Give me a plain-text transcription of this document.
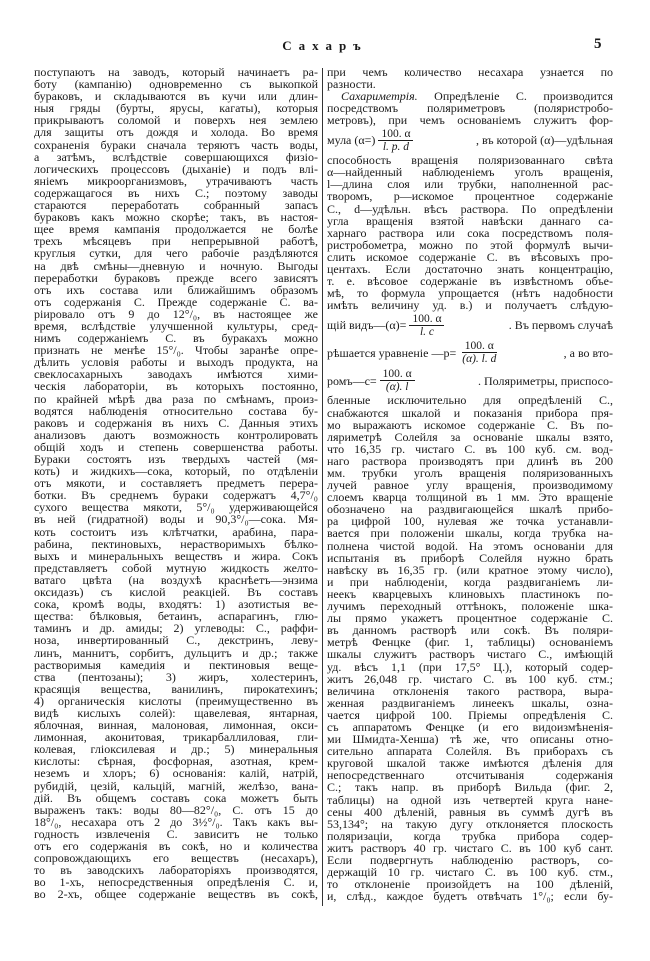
Сахаръ	5
поступаютъ на заводъ, который начинаетъ ра-
боту (кампанію) одновременно съ выкопкой
бураковъ, и складываются въ кучи или длин-
ныя гряды (бурты, ярусы, кагаты), которыя
прикрываютъ соломой и поверхъ нея землею
для защиты отъ дождя и холода. Во время
сохраненія бураки сначала теряютъ часть воды,
а затѣмъ, вслѣдствіе совершающихся физіо-
логическихъ процессовъ (дыханіе) и подъ влі-
яніемъ микроорганизмовъ, утрачиваютъ часть
содержащагося въ нихъ С.; поэтому заводы
стараются переработать собранный запасъ
бураковъ какъ можно скорѣе; такъ, въ настоя-
щее время кампанія продолжается не болѣе
трехъ мѣсяцевъ при непрерывной работѣ,
круглыя сутки, для чего рабочіе раздѣляются
на двѣ смѣны—дневную и ночную. Выгоды
переработки бураковъ прежде всего зависятъ
отъ ихъ состава или ближайшимъ образомъ
отъ содержанія С. Прежде содержаніе С. ва-
ріировало отъ 9 до 12°/₀, въ настоящее же
время, вслѣдствіе улучшенной культуры, сред-
нимъ содержаніемъ С. въ буракахъ можно
признать не менѣе 15°/₀. Чтобы заранѣе опре-
дѣлить условія работы и выходъ продукта, на
свеклосахарныхъ заводахъ имѣются хими-
ческія лабораторіи, въ которыхъ постоянно,
по крайней мѣрѣ два раза по смѣнамъ, произ-
водятся наблюденія относительно состава бу-
раковъ и содержанія въ нихъ С. Данныя этихъ
анализовъ даютъ возможность контролировать
общій ходъ и степень совершенства работы.
Бураки состоятъ изъ твердыхъ частей (мя-
коть) и жидкихъ—сока, который, по отдѣленіи
отъ мякоти, и составляетъ предметъ перера-
ботки. Въ среднемъ бураки содержатъ 4,7°/₀
сухого вещества мякоти, 5°/₀ удерживающейся
въ ней (гидратной) воды и 90,3°/₀—сока. Мя-
коть состоитъ изъ клѣтчатки, арабина, пара-
рабина, пектиновыхъ, нерастворимыхъ бѣлко-
выхъ и минеральныхъ веществъ и жира. Сокъ
представляетъ собой мутную жидкость желто-
ватаго цвѣта (на воздухѣ краснѣетъ—энзима
оксидазъ) съ кислой реакціей. Въ составъ
сока, кромѣ воды, входятъ: 1) азотистыя ве-
щества: бѣлковыя, бетаинъ, аспарагинъ, глю-
таминъ и др. амиды; 2) углеводы: С., раффи-
ноза, инвертированный С., декстринъ, леву-
линъ, маннитъ, сорбитъ, дульцитъ и др.; также
растворимыя камедиія и пектиновыя веще-
ства (пентозаны); 3) жиръ, холестеринъ,
красящія вещества, ванилинъ, пирокатехинъ;
4) органическія кислоты (преимущественно въ
видѣ кислыхъ солей): щавелевая, янтарная,
яблочная, винная, малоновая, лимонная, окси-
лимонная, аконитовая, трикарбаллиловая, гли-
колевая, гліоксилевая и др.; 5) минеральныя
кислоты: сѣрная, фосфорная, азотная, крем-
неземъ и хлоръ; 6) основанія: калій, натрій,
рубидій, цезій, кальцій, магній, желѣзо, вана-
дій. Въ общемъ составъ сока можетъ быть
выраженъ такъ: воды 80—82°/₀, С. отъ 15 до
18°/₀, несахара отъ 2 до 3½°/₀. Такъ какъ вы-
годность извлеченія С. зависитъ не только
отъ его содержанія въ сокѣ, но и количества
сопровождающихъ его веществъ (несахаръ),
то въ заводскихъ лабораторіяхъ производятся,
во 1-хъ, непосредственныя опредѣленія С. и,
во 2-хъ, общее содержаніе веществъ въ сокѣ,
при чемъ количество несахара узнается по
разности.
Сахариметрія. Опредѣленіе С. производится
посредствомъ поляриметровъ (поляристробо-
метровъ), при чемъ основаніемъ служитъ фор-
мула $(\alpha=) \frac{100. \alpha}{l. p. d}$	, въ которой (α)—удѣльная
способность вращенія поляризованнаго свѣта
α—найденный наблюденіемъ уголъ вращенія,
l—длина слоя или трубки, наполненной рас-
творомъ, p—искомое процентное содержаніе
С., d—удѣльн. вѣсъ раствора. По опредѣленіи
угла вращенія взятой навѣски даннаго са-
харнаго раствора или сока посредствомъ поля-
ристробометра, можно по этой формулѣ вычи-
слить искомое содержаніе С. въ вѣсовыхъ про-
центахъ. Если достаточно знать концентрацію,
т. е. вѣсовое содержаніе въ извѣстномъ объе-
мѣ, то формула упрощается (нѣтъ надобности
имѣть величину уд. в.) и получаетъ слѣдую-
щій видъ—(α)= $\frac{100. \alpha}{l. c}$	. Въ первомъ случаѣ
рѣшается уравненіе —p= $\frac{100. \alpha}{(\alpha). l. d}$	, а во вто-
ромъ—c= $\frac{100. \alpha}{(\alpha). l}$	. Поляриметры, приспосо-
бленные исключительно для опредѣленій С.,
снабжаются шкалой и показанія прибора пря-
мо выражаютъ искомое содержаніе С. Въ по-
ляриметрѣ Солейля за основаніе шкалы взято,
что 16,35 гр. чистаго С. въ 100 куб. см. вод-
наго раствора производятъ при длинѣ въ 200
мм. трубки уголъ вращенія поляризованныхъ
лучей равное углу вращенія, производимому
слоемъ кварца толщиной въ 1 мм. Это вращеніе
обозначено на раздвигающейся шкалѣ прибо-
ра цифрой 100, нулевая же точка устанавли-
вается при положеніи шкалы, когда трубка на-
полнена чистой водой. На этомъ основаніи для
испытанія въ приборѣ Солейля нужно брать
навѣску въ 16,35 гр. (или кратное этому число),
и при наблюденіи, когда раздвиганіемъ ли-
неекъ кварцевыхъ клиновыхъ пластинокъ по-
лучимъ переходный оттѣнокъ, положеніе шка-
лы прямо укажетъ процентное содержаніе С.
въ данномъ растворѣ или сокѣ. Въ поляри-
метрѣ Фенцке (фиг. 1, таблицы) основаніемъ
шкалы служитъ растворъ чистаго С., имѣющій
уд. вѣсъ 1,1 (при 17,5° Ц.), который содер-
житъ 26,048 гр. чистаго С. въ 100 куб. стм.;
величина отклоненія такого раствора, выра-
женная раздвиганіемъ линеекъ шкалы, озна-
чается цифрой 100. Пріемы опредѣленія С.
съ аппаратомъ Фенцке (и его видоизмѣненія-
ми Шмидта-Хенша) тѣ же, что описаны отно-
сительно аппарата Солейля. Въ приборахъ съ
круговой шкалой также имѣются дѣленія для
непосредственнаго отсчитыванія содержанія
С.; такъ напр. въ приборѣ Вильда (фиг. 2,
таблицы) на одной изъ четвертей круга нане-
сены 400 дѣленій, равныя въ суммѣ дугѣ въ
53,134°; на такую дугу отклоняется плоскость
поляризаціи, когда трубка прибора содер-
житъ растворъ 40 гр. чистаго С. въ 100 куб сант.
Если подвергнуть наблюденію растворъ, со-
держащій 10 гр. чистаго С. въ 100 куб. стм.,
то отклоненіе произойдетъ на 100 дѣленій,
и, слѣд., каждое будетъ отвѣчать 1°/₀; если бу-
